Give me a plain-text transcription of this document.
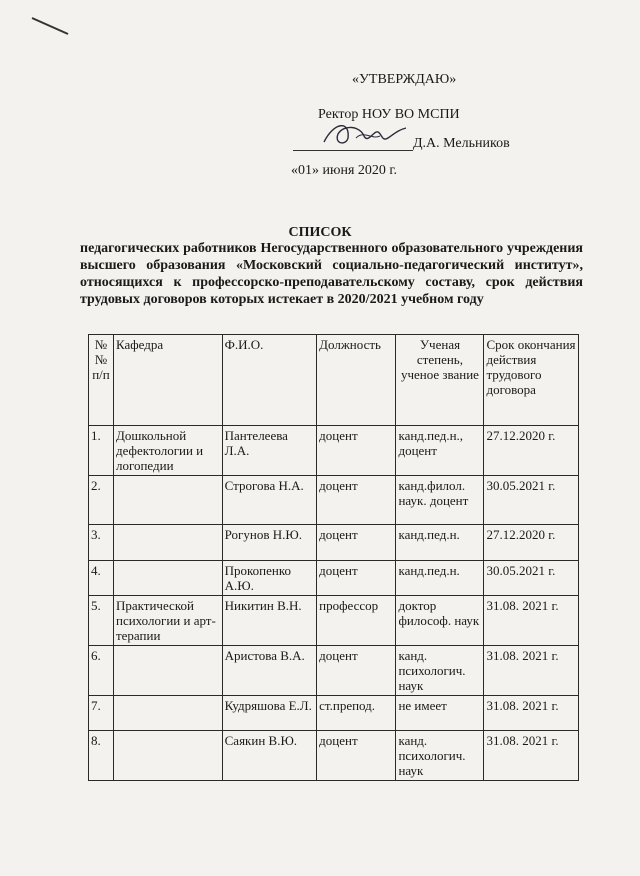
«УТВЕРЖДАЮ»
Ректор НОУ ВО МСПИ
Д.А. Мельников
«01» июня 2020 г.
СПИСОК
педагогических работников Негосударственного образовательного учреждения высшего образования «Московский социально-педагогический институт», относящихся к профессорско-преподавательскому составу, срок действия трудовых договоров которых истекает в 2020/2021 учебном году
№№ п/п	Кафедра	Ф.И.О.	Должность	Ученая степень, ученое звание	Срок окончания действия трудового договора
1.	Дошкольной дефектологии и логопедии	Пантелеева Л.А.	доцент	канд.пед.н., доцент	27.12.2020 г.
2.		Строгова Н.А.	доцент	канд.филол. наук. доцент	30.05.2021 г.
3.		Рогунов Н.Ю.	доцент	канд.пед.н.	27.12.2020 г.
4.		Прокопенко А.Ю.	доцент	канд.пед.н.	30.05.2021 г.
5.	Практической психологии и арт-терапии	Никитин В.Н.	профессор	доктор философ. наук	31.08. 2021 г.
6.		Аристова В.А.	доцент	канд. психологич. наук	31.08. 2021 г.
7.		Кудряшова Е.Л.	ст.препод.	не имеет	31.08. 2021 г.
8.		Саякин В.Ю.	доцент	канд. психологич. наук	31.08. 2021 г.
